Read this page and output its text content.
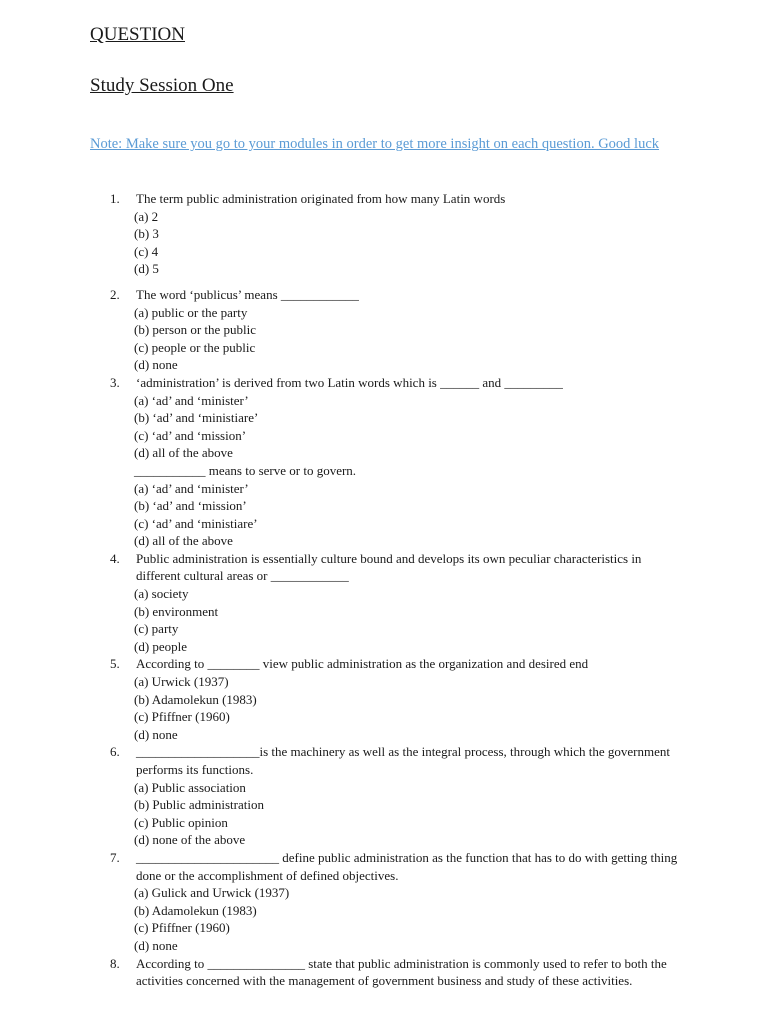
QUESTION
Study Session One
Note: Make sure you go to your modules in order to get more insight on each question. Good luck
1.	The term public administration originated from how many Latin words
(a) 2
(b) 3
(c) 4
(d) 5
2.	The word ‘publicus’ means ____________
(a) public or the party
(b) person or the public
(c) people or the public
(d) none
3.	‘administration’ is derived from two Latin words which is ______ and _________
(a) ‘ad’ and ‘minister’
(b) ‘ad’ and ‘ministiare’
(c) ‘ad’ and ‘mission’
(d) all of the above
___________ means to serve or to govern.
(a) ‘ad’ and ‘minister’
(b) ‘ad’ and ‘mission’
(c) ‘ad’ and ‘ministiare’
(d) all of the above
4.	Public administration is essentially culture bound and develops its own peculiar characteristics in different cultural areas or ____________
(a) society
(b) environment
(c) party
(d) people
5.	According to ________ view public administration as the organization and desired end
(a) Urwick (1937)
(b) Adamolekun (1983)
(c) Pfiffner (1960)
(d) none
6.	___________________is the machinery as well as the integral process, through which the government performs its functions.
(a) Public association
(b) Public administration
(c) Public opinion
(d) none of the above
7.	______________________ define public administration as the function that has to do with getting thing done or the accomplishment of defined objectives.
(a) Gulick and Urwick (1937)
(b) Adamolekun (1983)
(c) Pfiffner (1960)
(d) none
8.	According to _______________ state that public administration is commonly used to refer to both the activities concerned with the management of government business and study of these activities.
